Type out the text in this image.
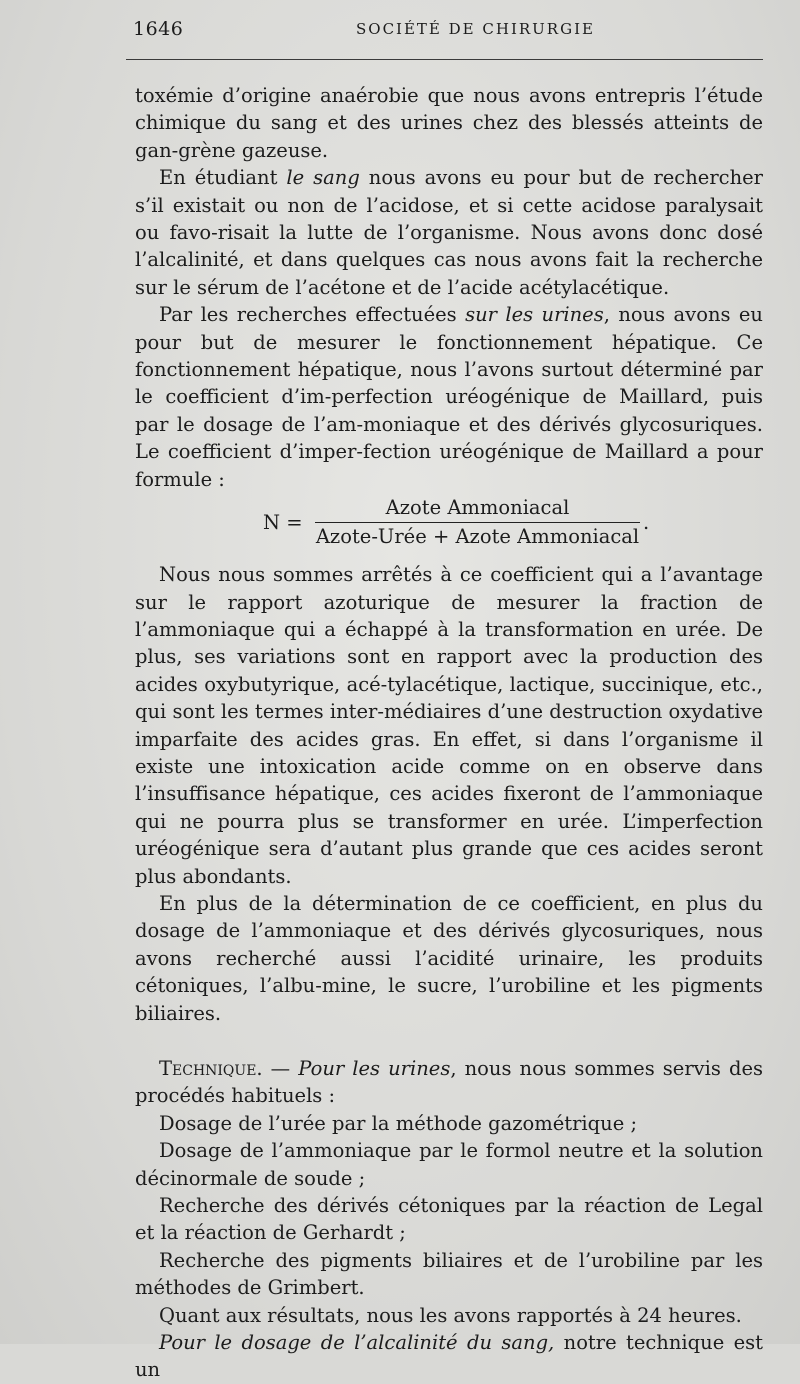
1646	SOCIÉTÉ DE CHIRURGIE

toxémie d’origine anaérobie que nous avons entrepris l’étude chimique du sang et des urines chez des blessés atteints de gan-grène gazeuse.

En étudiant le sang nous avons eu pour but de rechercher s’il existait ou non de l’acidose, et si cette acidose paralysait ou favo-risait la lutte de l’organisme. Nous avons donc dosé l’alcalinité, et dans quelques cas nous avons fait la recherche sur le sérum de l’acétone et de l’acide acétylacétique.

Par les recherches effectuées sur les urines, nous avons eu pour but de mesurer le fonctionnement hépatique. Ce fonctionnement hépatique, nous l’avons surtout déterminé par le coefficient d’im-perfection uréogénique de Maillard, puis par le dosage de l’am-moniaque et des dérivés glycosuriques. Le coefficient d’imper-fection uréogénique de Maillard a pour formule :

N =
Azote Ammoniacal
Azote-Urée + Azote Ammoniacal
.

Nous nous sommes arrêtés à ce coefficient qui a l’avantage sur le rapport azoturique de mesurer la fraction de l’ammoniaque qui a échappé à la transformation en urée. De plus, ses variations sont en rapport avec la production des acides oxybutyrique, acé-tylacétique, lactique, succinique, etc., qui sont les termes inter-médiaires d’une destruction oxydative imparfaite des acides gras. En effet, si dans l’organisme il existe une intoxication acide comme on en observe dans l’insuffisance hépatique, ces acides fixeront de l’ammoniaque qui ne pourra plus se transformer en urée. L’imperfection uréogénique sera d’autant plus grande que ces acides seront plus abondants.

En plus de la détermination de ce coefficient, en plus du dosage de l’ammoniaque et des dérivés glycosuriques, nous avons recherché aussi l’acidité urinaire, les produits cétoniques, l’albu-mine, le sucre, l’urobiline et les pigments biliaires.

Technique. — Pour les urines, nous nous sommes servis des procédés habituels :

Dosage de l’urée par la méthode gazométrique ;

Dosage de l’ammoniaque par le formol neutre et la solution décinormale de soude ;

Recherche des dérivés cétoniques par la réaction de Legal et la réaction de Gerhardt ;

Recherche des pigments biliaires et de l’urobiline par les méthodes de Grimbert.

Quant aux résultats, nous les avons rapportés à 24 heures.

Pour le dosage de l’alcalinité du sang, notre technique est un
